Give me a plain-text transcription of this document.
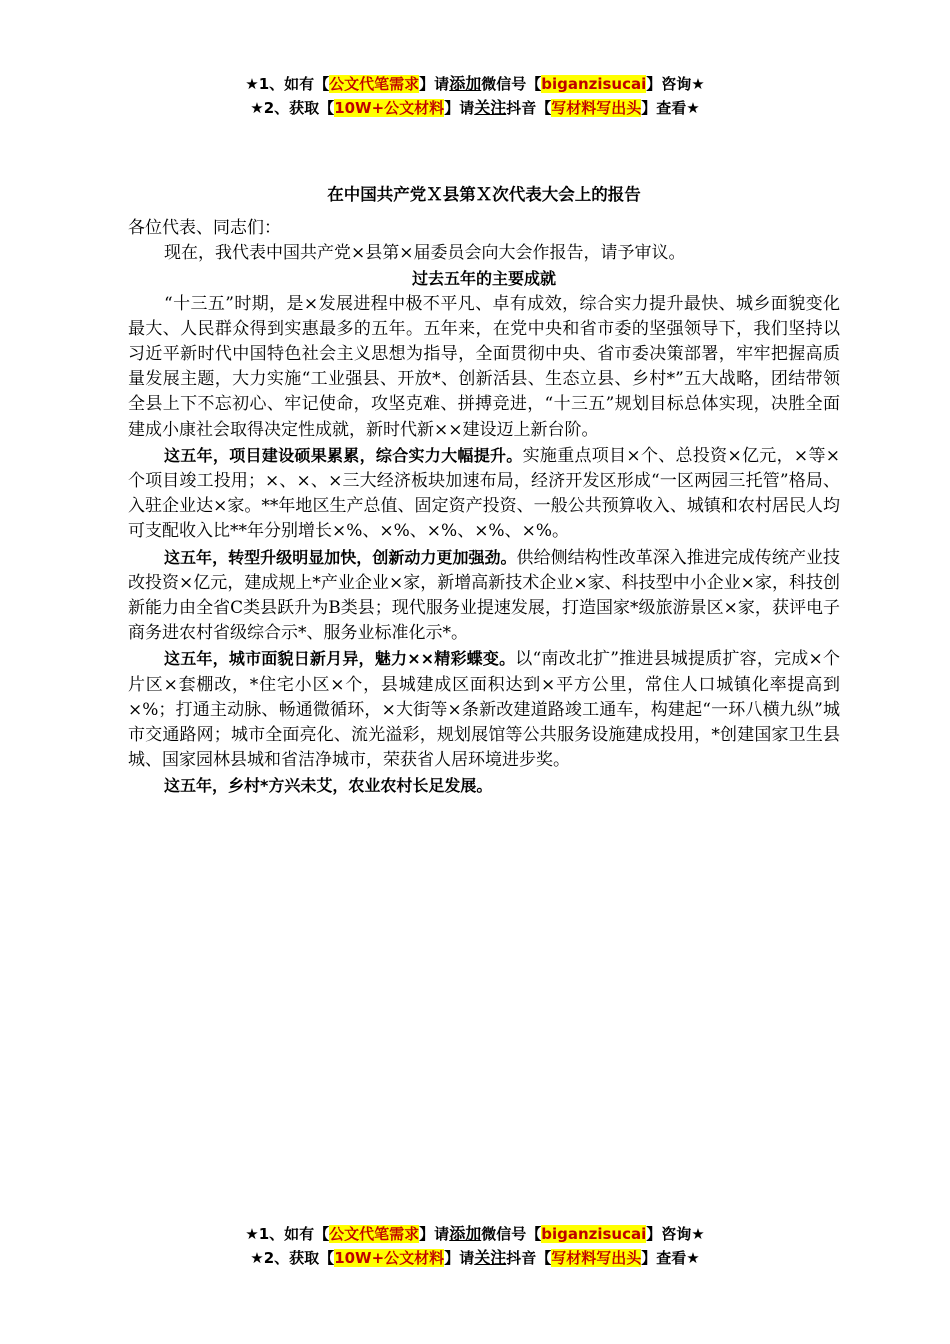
★1、如有【公文代笔需求】请添加微信号【biganzisucai】咨询★
★2、获取【10W+公文材料】请关注抖音【写材料写出头】查看★
在中国共产党Ｘ县第Ｘ次代表大会上的报告

各位代表、同志们：

现在，我代表中国共产党×县第×届委员会向大会作报告，请予审议。

过去五年的主要成就

“十三五”时期，是×发展进程中极不平凡、卓有成效，综合实力提升最快、城乡面貌变化最大、人民群众得到实惠最多的五年。五年来，在党中央和省市委的坚强领导下，我们坚持以习近平新时代中国特色社会主义思想为指导，全面贯彻中央、省市委决策部署，牢牢把握高质量发展主题，大力实施“工业强县、开放*、创新活县、生态立县、乡村*”五大战略，团结带领全县上下不忘初心、牢记使命，攻坚克难、拼搏竞进，“十三五”规划目标总体实现，决胜全面建成小康社会取得决定性成就，新时代新××建设迈上新台阶。

这五年，项目建设硕果累累，综合实力大幅提升。实施重点项目×个、总投资×亿元，×等×个项目竣工投用；×、×、×三大经济板块加速布局，经济开发区形成“一区两园三托管”格局、入驻企业达×家。**年地区生产总值、固定资产投资、一般公共预算收入、城镇和农村居民人均可支配收入比**年分别增长×%、×%、×%、×%、×%。

这五年，转型升级明显加快，创新动力更加强劲。供给侧结构性改革深入推进完成传统产业技改投资×亿元，建成规上*产业企业×家，新增高新技术企业×家、科技型中小企业×家，科技创新能力由全省C类县跃升为B类县；现代服务业提速发展，打造国家*级旅游景区×家，获评电子商务进农村省级综合示*、服务业标准化示*。

这五年，城市面貌日新月异，魅力××精彩蝶变。以“南改北扩”推进县城提质扩容，完成×个片区×套棚改，*住宅小区×个，县城建成区面积达到×平方公里，常住人口城镇化率提高到×%；打通主动脉、畅通微循环，×大街等×条新改建道路竣工通车，构建起“一环八横九纵”城市交通路网；城市全面亮化、流光溢彩，规划展馆等公共服务设施建成投用，*创建国家卫生县城、国家园林县城和省洁净城市，荣获省人居环境进步奖。

这五年，乡村*方兴未艾，农业农村长足发展。

★1、如有【公文代笔需求】请添加微信号【biganzisucai】咨询★
★2、获取【10W+公文材料】请关注抖音【写材料写出头】查看★
